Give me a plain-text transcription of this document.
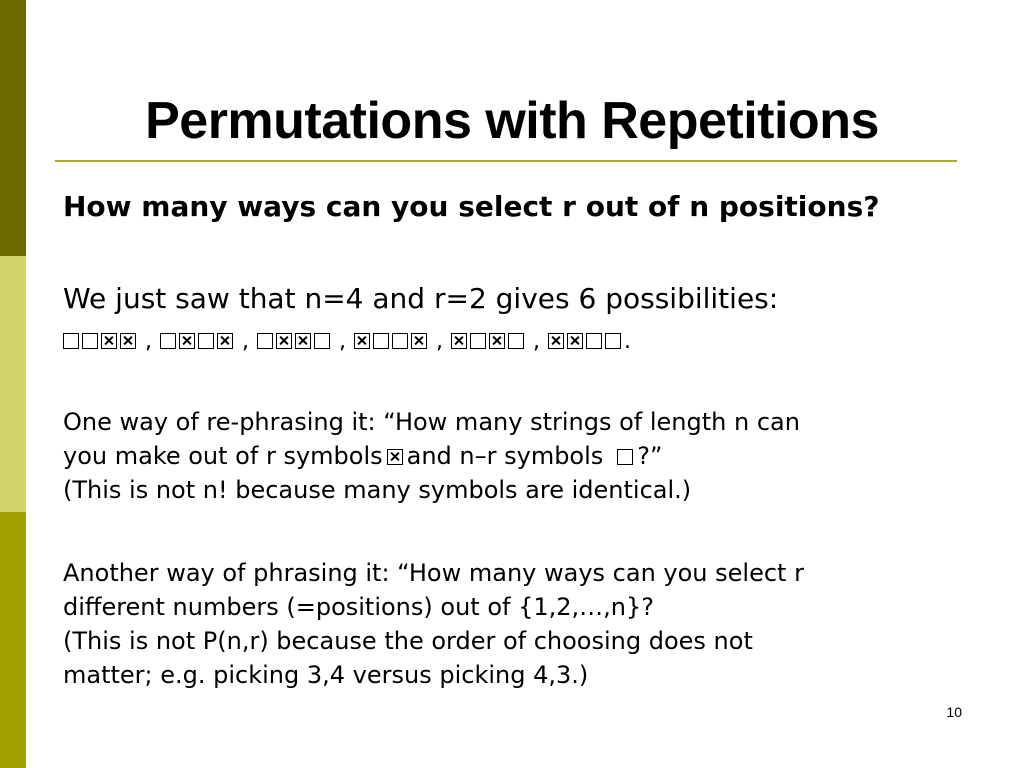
Permutations with Repetitions
How many ways can you select r out of n positions?
We just saw that n=4 and r=2 gives 6 possibilities:
,	,	,	,	,	.
One way of re-phrasing it: “How many strings of length n can
you make out of r symbols and n–r symbols ?”
(This is not n! because many symbols are identical.)
Another way of phrasing it: “How many ways can you select r
different numbers (=positions) out of {1,2,…,n}?
(This is not P(n,r) because the order of choosing does not
matter; e.g. picking 3,4 versus picking 4,3.)
10
